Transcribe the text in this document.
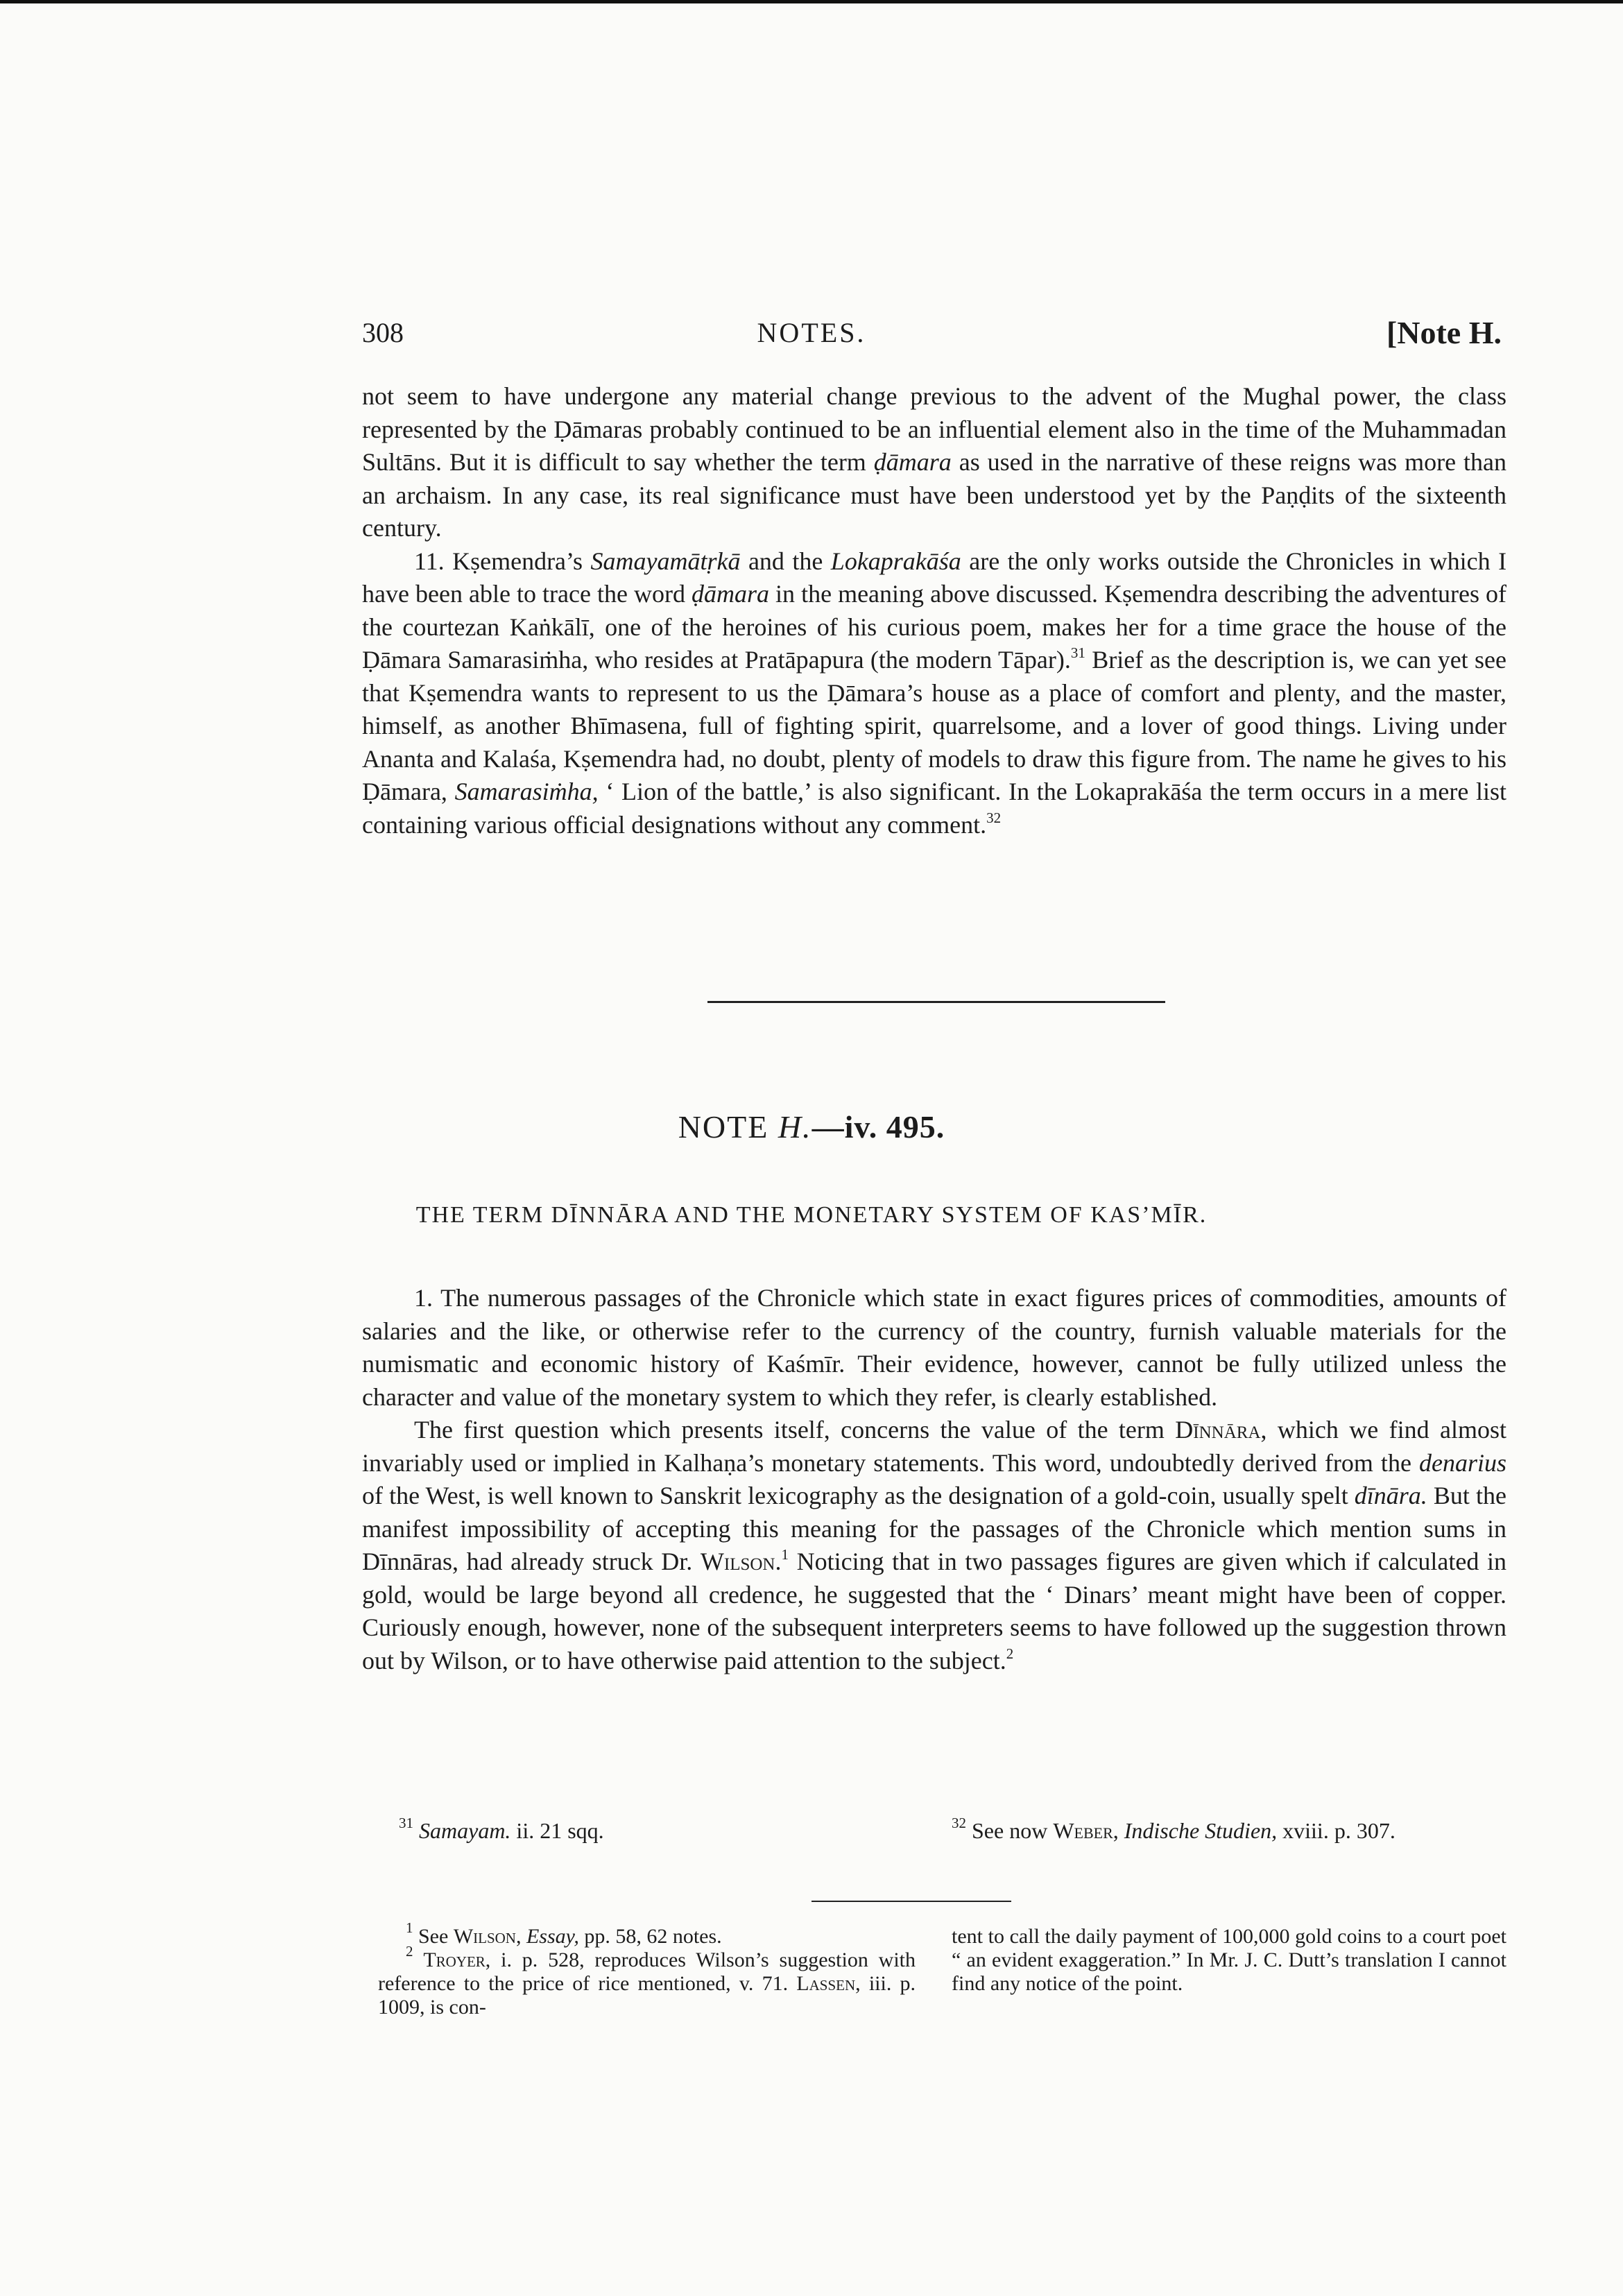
308	NOTES.	[Note H.

not seem to have undergone any material change previous to the advent of the Mughal power, the class represented by the Ḍāmaras probably continued to be an influential element also in the time of the Muhammadan Sultāns. But it is difficult to say whether the term ḍāmara as used in the narrative of these reigns was more than an archaism. In any case, its real significance must have been understood yet by the Paṇḍits of the sixteenth century.

11. Kṣemendra’s Samayamātṛkā and the Lokaprakāśa are the only works outside the Chronicles in which I have been able to trace the word ḍāmara in the meaning above discussed. Kṣemendra describing the adventures of the courtezan Kaṅkālī, one of the heroines of his curious poem, makes her for a time grace the house of the Ḍāmara Samarasiṁha, who resides at Pratāpapura (the modern Tāpar).$^{31}$ Brief as the description is, we can yet see that Kṣemendra wants to represent to us the Ḍāmara’s house as a place of comfort and plenty, and the master, himself, as another Bhīmasena, full of fighting spirit, quarrelsome, and a lover of good things. Living under Ananta and Kalaśa, Kṣemendra had, no doubt, plenty of models to draw this figure from. The name he gives to his Ḍāmara, Samarasiṁha, ‘ Lion of the battle,’ is also significant. In the Lokaprakāśa the term occurs in a mere list containing various official designations without any comment.$^{32}$

NOTE H.—iv. 495.
THE TERM DĪNNĀRA AND THE MONETARY SYSTEM OF KAS’MĪR.

1. The numerous passages of the Chronicle which state in exact figures prices of commodities, amounts of salaries and the like, or otherwise refer to the currency of the country, furnish valuable materials for the numismatic and economic history of Kaśmīr. Their evidence, however, cannot be fully utilized unless the character and value of the monetary system to which they refer, is clearly established.

The first question which presents itself, concerns the value of the term Dīnnāra, which we find almost invariably used or implied in Kalhaṇa’s monetary statements. This word, undoubtedly derived from the denarius of the West, is well known to Sanskrit lexicography as the designation of a gold-coin, usually spelt dīnāra. But the manifest impossibility of accepting this meaning for the passages of the Chronicle which mention sums in Dīnnāras, had already struck Dr. Wilson.$^1$ Noticing that in two passages figures are given which if calculated in gold, would be large beyond all credence, he suggested that the ‘ Dinars’ meant might have been of copper. Curiously enough, however, none of the subsequent interpreters seems to have followed up the suggestion thrown out by Wilson, or to have otherwise paid attention to the subject.$^2$

$^{31}$ Samayam. ii. 21 sqq.	$^{32}$ See now Weber, Indische Studien, xviii. p. 307.
$^1$ See Wilson, Essay, pp. 58, 62 notes.
$^2$ Troyer, i. p. 528, reproduces Wilson’s suggestion with reference to the price of rice mentioned, v. 71. Lassen, iii. p. 1009, is con-
tent to call the daily payment of 100,000 gold coins to a court poet “ an evident exaggeration.” In Mr. J. C. Dutt’s translation I cannot find any notice of the point.
